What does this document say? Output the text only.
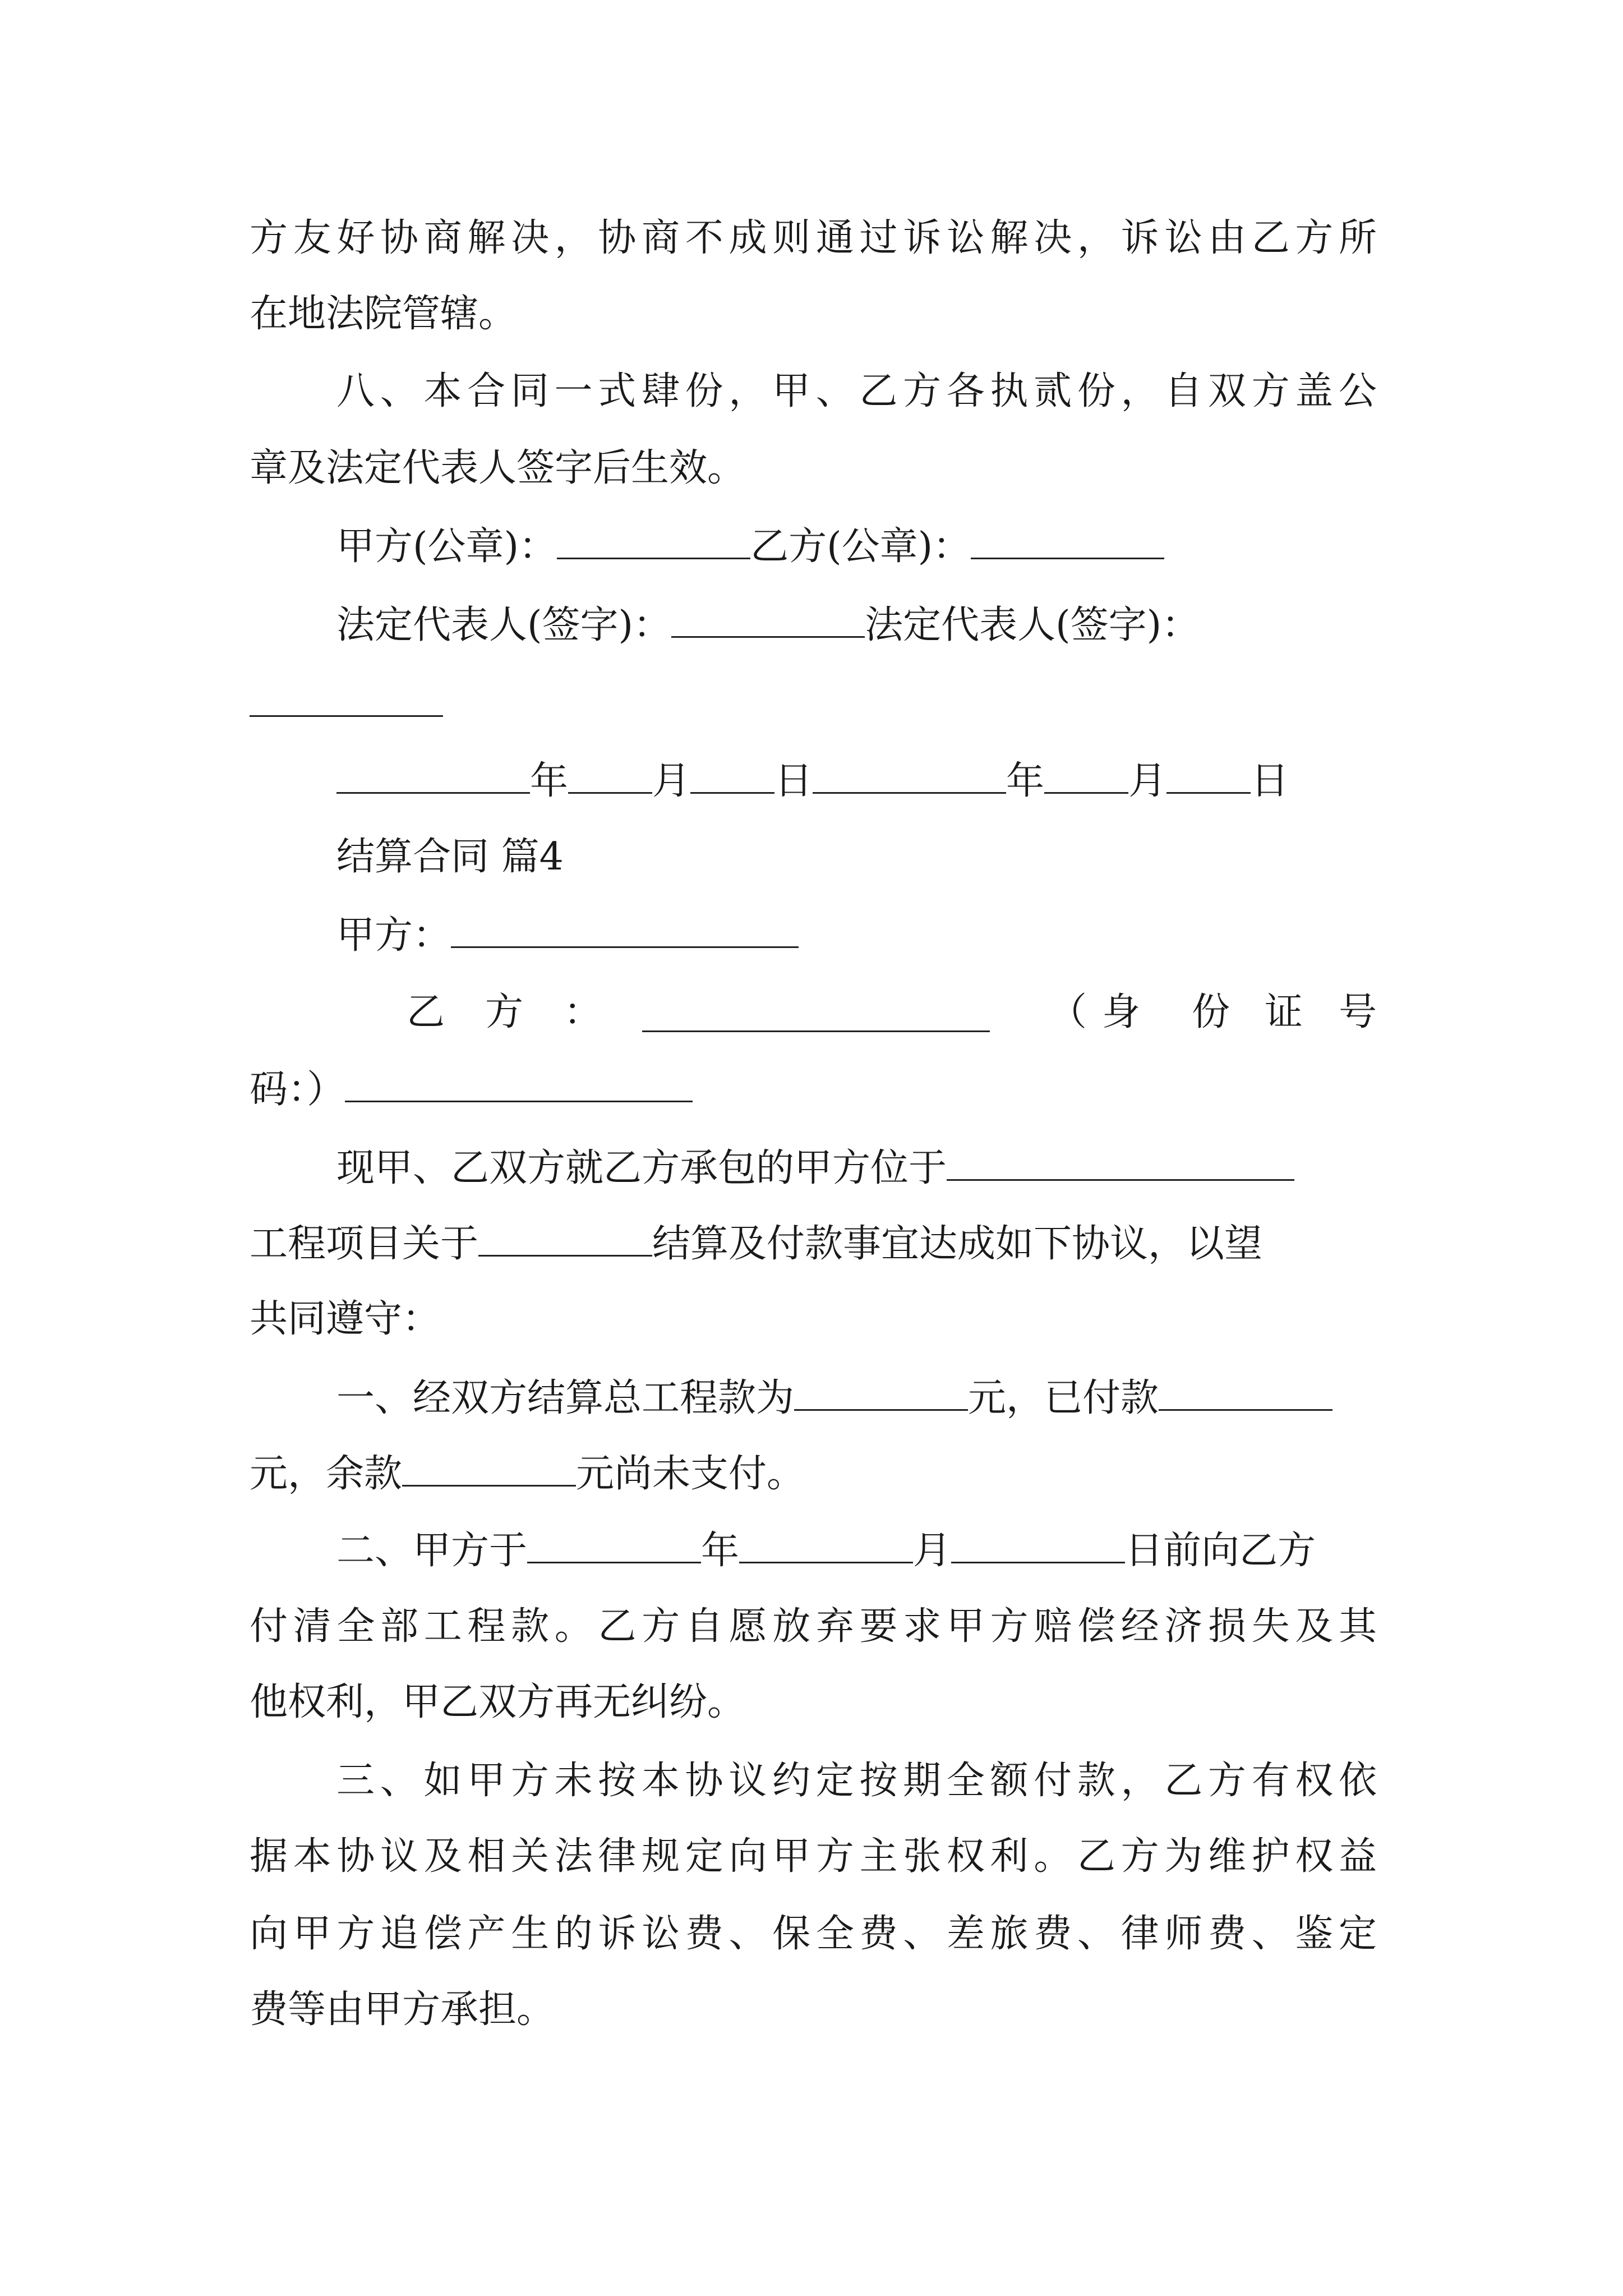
方友好协商解决，协商不成则通过诉讼解决，诉讼由乙方所
在地法院管辖。
八、本合同一式肆份，甲、乙方各执贰份，自双方盖公
章及法定代表人签字后生效。
甲方(公章)：	乙方(公章)：
法定代表人(签字)：	法定代表人(签字)：
年 月 日	年 月 日
结算合同 篇4
甲方：
乙 方 ：	（ 身 份 证 号
码：）
现甲、乙双方就乙方承包的甲方位于
工程项目关于	结算及付款事宜达成如下协议，以望
共同遵守：
一、经双方结算总工程款为	元，已付款
元，余款	元尚未支付。
二、甲方于	年	月	日前向乙方
付清全部工程款。乙方自愿放弃要求甲方赔偿经济损失及其
他权利，甲乙双方再无纠纷。
三、如甲方未按本协议约定按期全额付款，乙方有权依
据本协议及相关法律规定向甲方主张权利。乙方为维护权益
向甲方追偿产生的诉讼费、保全费、差旅费、律师费、鉴定
费等由甲方承担。
